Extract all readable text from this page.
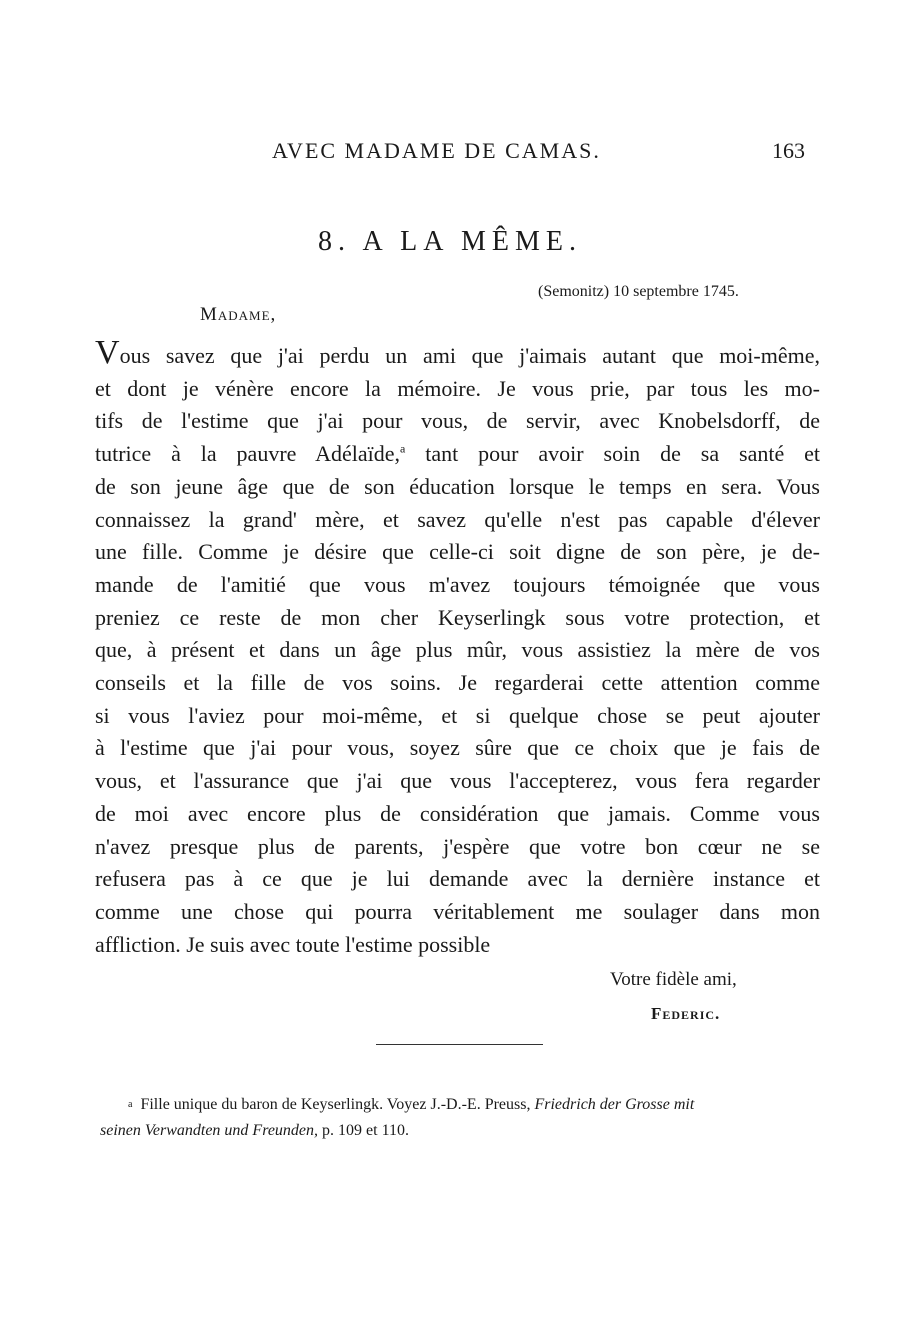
AVEC MADAME DE CAMAS.	163
8. A LA MÊME.
(Semonitz) 10 septembre 1745.
Madame,
Vous savez que j'ai perdu un ami que j'aimais autant que moi-même,
et dont je vénère encore la mémoire. Je vous prie, par tous les mo-
tifs de l'estime que j'ai pour vous, de servir, avec Knobelsdorff, de
tutrice à la pauvre Adélaïde,$^a$ tant pour avoir soin de sa santé et
de son jeune âge que de son éducation lorsque le temps en sera. Vous
connaissez la grand' mère, et savez qu'elle n'est pas capable d'élever
une fille. Comme je désire que celle-ci soit digne de son père, je de-
mande de l'amitié que vous m'avez toujours témoignée que vous
preniez ce reste de mon cher Keyserlingk sous votre protection, et
que, à présent et dans un âge plus mûr, vous assistiez la mère de vos
conseils et la fille de vos soins. Je regarderai cette attention comme
si vous l'aviez pour moi-même, et si quelque chose se peut ajouter
à l'estime que j'ai pour vous, soyez sûre que ce choix que je fais de
vous, et l'assurance que j'ai que vous l'accepterez, vous fera regarder
de moi avec encore plus de considération que jamais. Comme vous
n'avez presque plus de parents, j'espère que votre bon cœur ne se
refusera pas à ce que je lui demande avec la dernière instance et
comme une chose qui pourra véritablement me soulager dans mon
affliction. Je suis avec toute l'estime possible
Votre fidèle ami,
Federic.
a Fille unique du baron de Keyserlingk. Voyez J.-D.-E. Preuss, Friedrich der Grosse mit
seinen Verwandten und Freunden, p. 109 et 110.
